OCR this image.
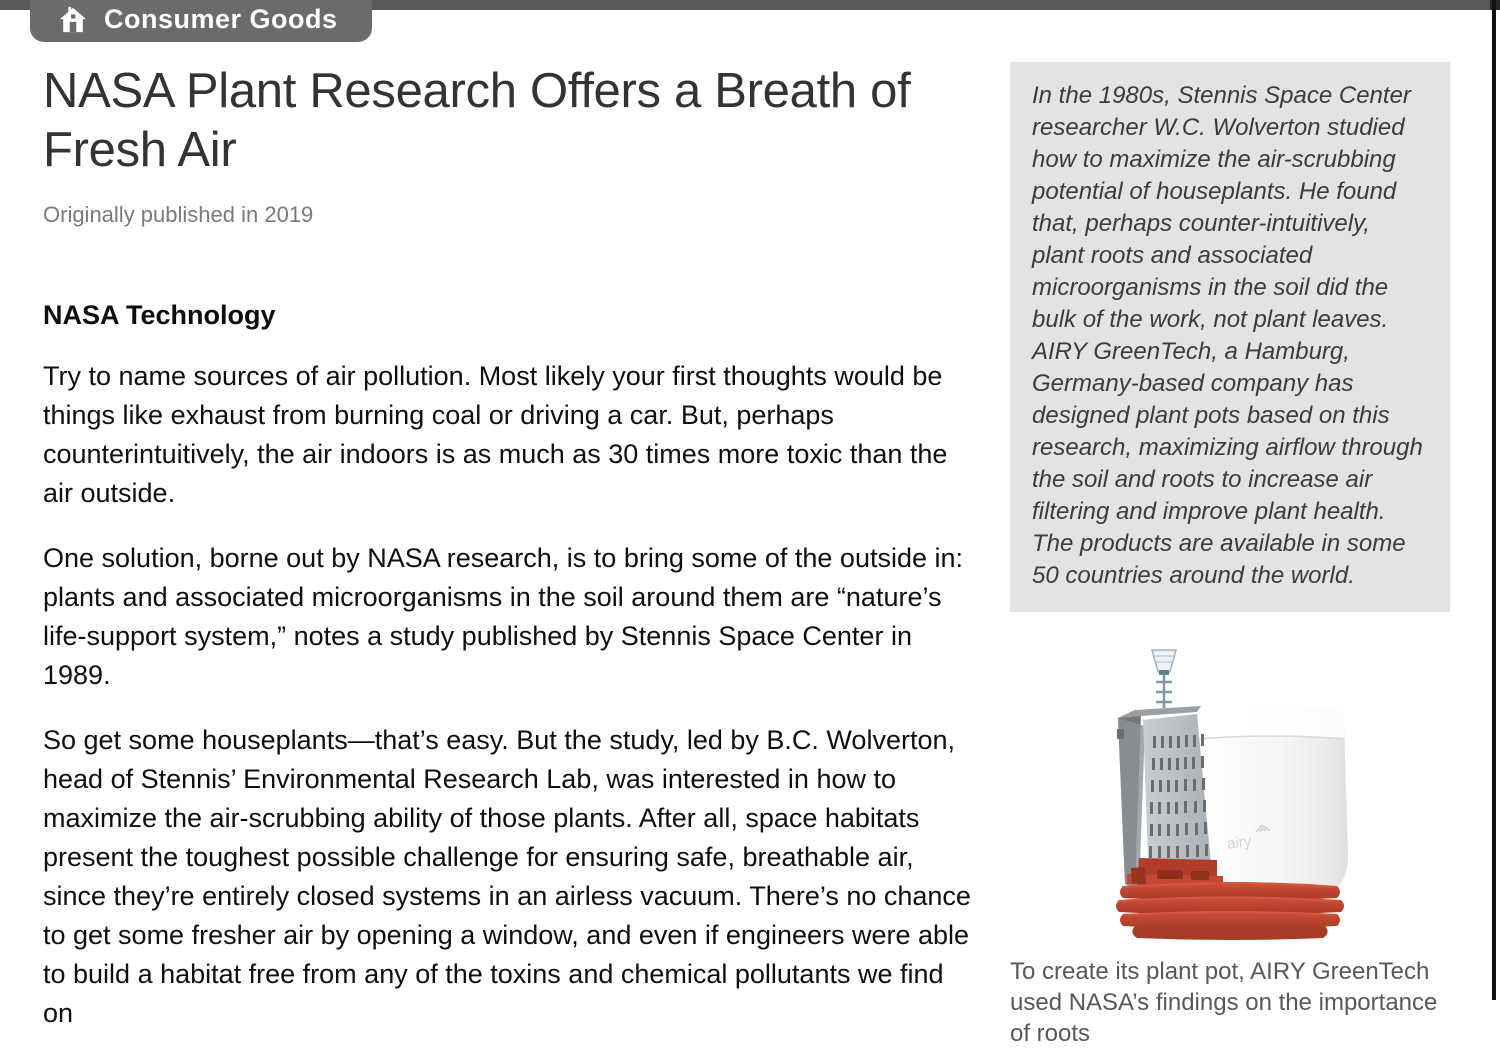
Consumer Goods
NASA Plant Research Offers a Breath of Fresh Air
Originally published in 2019
NASA Technology

Try to name sources of air pollution. Most likely your first thoughts would be things like exhaust from burning coal or driving a car. But, perhaps counterintuitively, the air indoors is as much as 30 times more toxic than the air outside.

One solution, borne out by NASA research, is to bring some of the outside in: plants and associated microorganisms in the soil around them are “nature’s life-support system,” notes a study published by Stennis Space Center in 1989.

So get some houseplants—that’s easy. But the study, led by B.C. Wolverton, head of Stennis’ Environmental Research Lab, was interested in how to maximize the air-scrubbing ability of those plants. After all, space habitats present the toughest possible challenge for ensuring safe, breathable air, since they’re entirely closed systems in an airless vacuum. There’s no chance to get some fresher air by opening a window, and even if engineers were able to build a habitat free from any of the toxins and chemical pollutants we find on

In the 1980s, Stennis Space Center researcher W.C. Wolverton studied how to maximize the air-scrubbing potential of houseplants. He found that, perhaps counter-intuitively, plant roots and associated microorganisms in the soil did the bulk of the work, not plant leaves. AIRY GreenTech, a Hamburg, Germany-based company has designed plant pots based on this research, maximizing airflow through the soil and roots to increase air filtering and improve plant health. The products are available in some 50 countries around the world.
airy
To create its plant pot, AIRY GreenTech used NASA’s findings on the importance of roots
